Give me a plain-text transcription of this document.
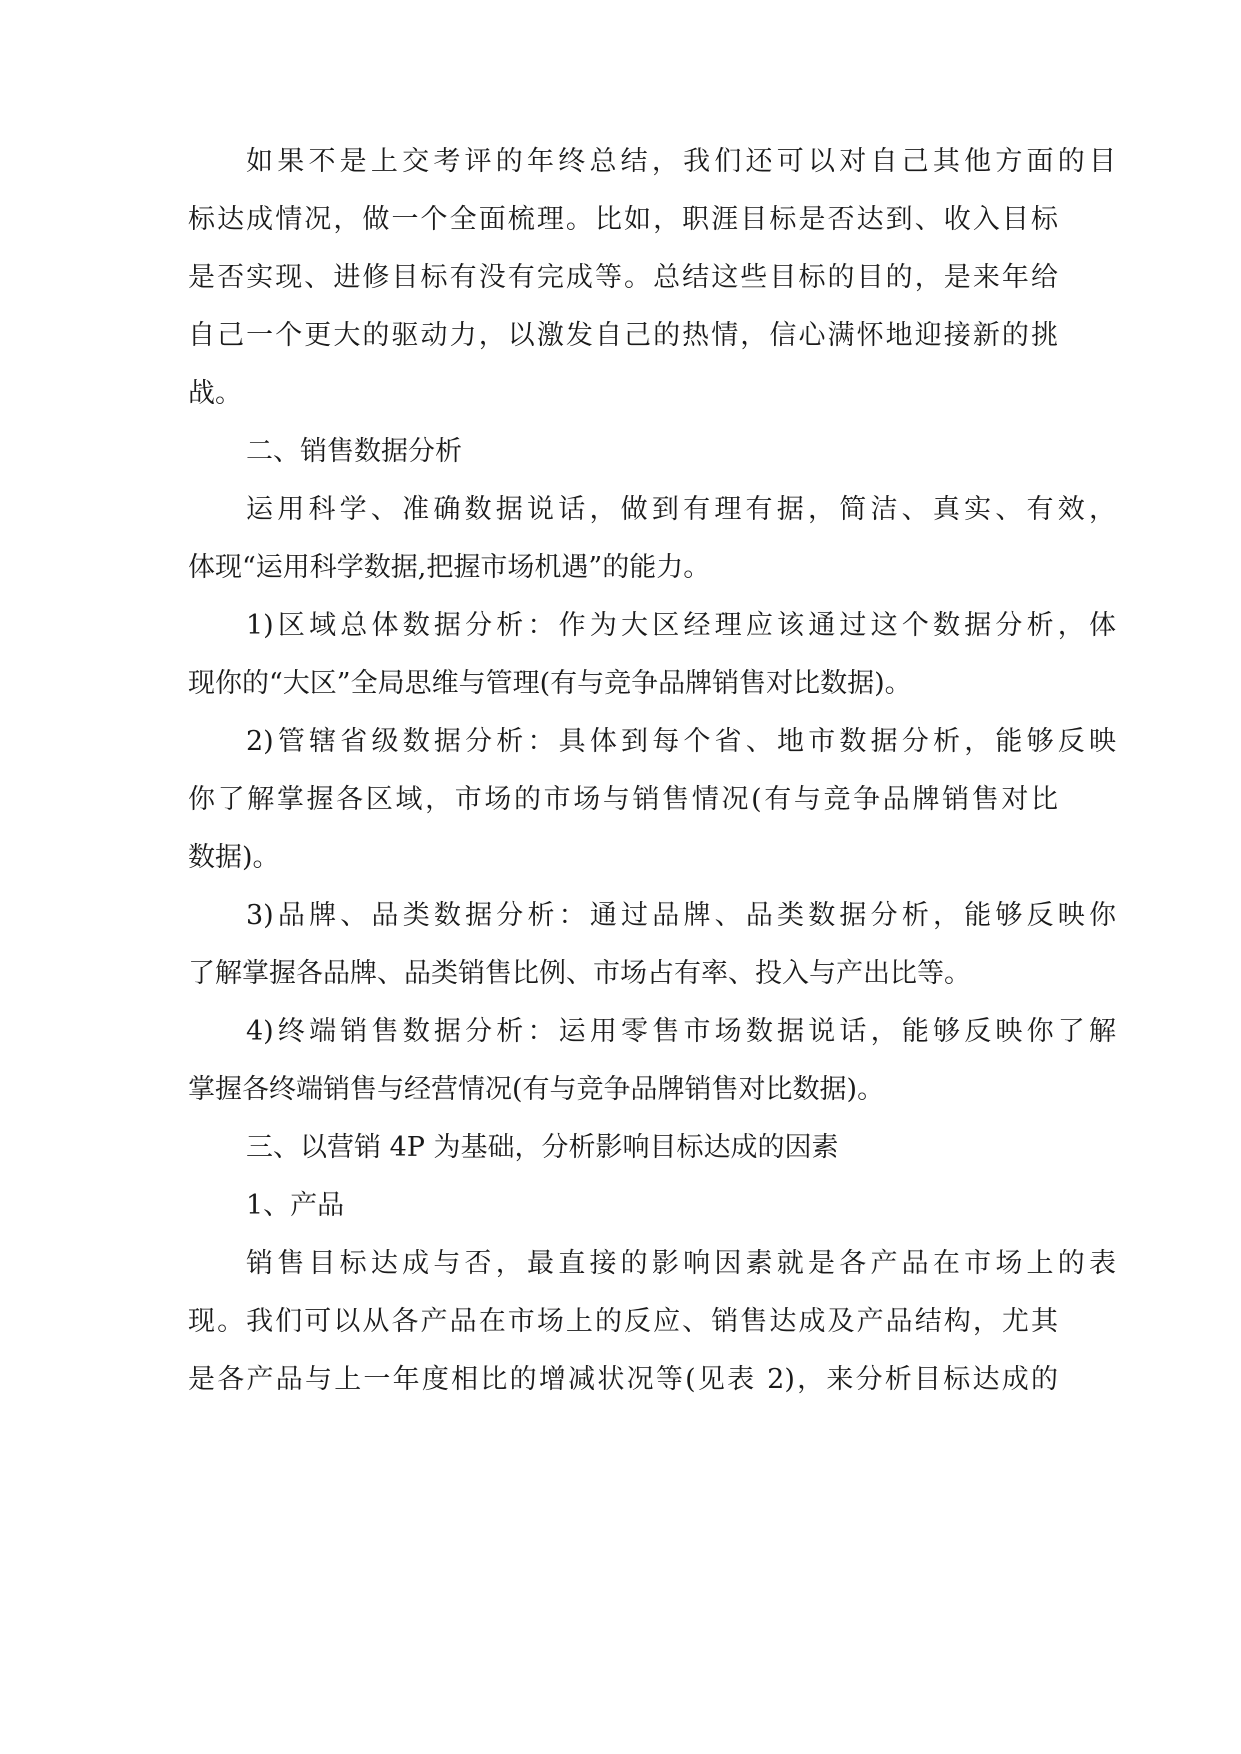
如果不是上交考评的年终总结，我们还可以对自己其他方面的目
标达成情况，做一个全面梳理。比如，职涯目标是否达到、收入目标
是否实现、进修目标有没有完成等。总结这些目标的目的，是来年给
自己一个更大的驱动力，以激发自己的热情，信心满怀地迎接新的挑
战。
二、销售数据分析
运用科学、准确数据说话，做到有理有据，简洁、真实、有效，
体现“运用科学数据,把握市场机遇”的能力。
1)区域总体数据分析：作为大区经理应该通过这个数据分析，体
现你的“大区”全局思维与管理(有与竞争品牌销售对比数据)。
2)管辖省级数据分析：具体到每个省、地市数据分析，能够反映
你了解掌握各区域，市场的市场与销售情况(有与竞争品牌销售对比
数据)。
3)品牌、品类数据分析：通过品牌、品类数据分析，能够反映你
了解掌握各品牌、品类销售比例、市场占有率、投入与产出比等。
4)终端销售数据分析：运用零售市场数据说话，能够反映你了解
掌握各终端销售与经营情况(有与竞争品牌销售对比数据)。
三、以营销 4P 为基础，分析影响目标达成的因素
1、产品
销售目标达成与否，最直接的影响因素就是各产品在市场上的表
现。我们可以从各产品在市场上的反应、销售达成及产品结构，尤其
是各产品与上一年度相比的增减状况等(见表 2)，来分析目标达成的
